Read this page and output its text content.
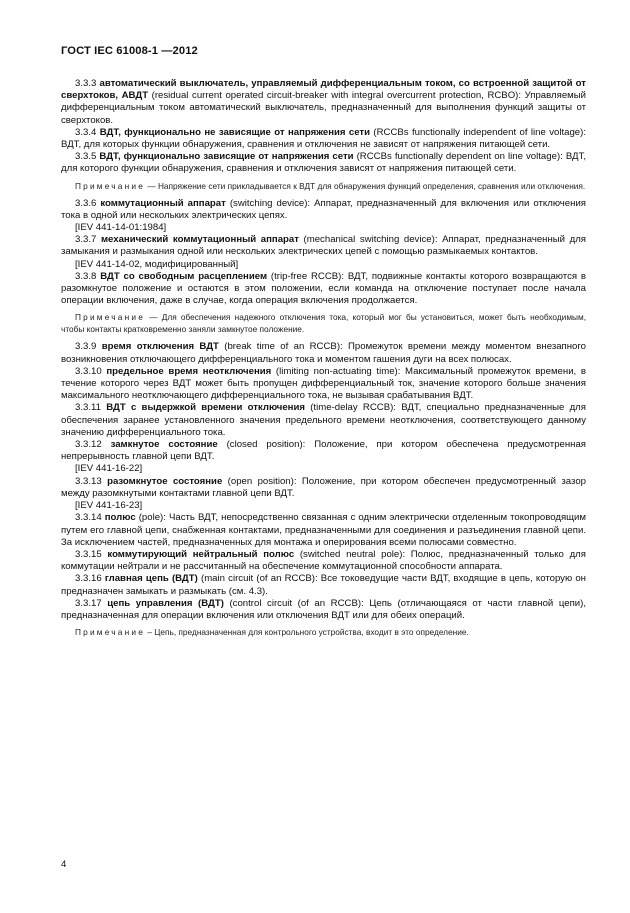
ГОСТ IEC 61008-1 —2012

3.3.3 автоматический выключатель, управляемый дифференциальным током, со встроенной защитой от сверхтоков, АВДТ (residual current operated circuit-breaker with integral overcurrent protection, RCBO): Управляемый дифференциальным током автоматический выключатель, предназначенный для выполнения функций защиты от сверхтоков.

3.3.4 ВДТ, функционально не зависящие от напряжения сети (RCCBs functionally independent of line voltage): ВДТ, для которых функции обнаружения, сравнения и отключения не зависят от напряжения питающей сети.

3.3.5 ВДТ, функционально зависящие от напряжения сети (RCCBs functionally dependent on line voltage): ВДТ, для которого функции обнаружения, сравнения и отключения зависят от напряжения питающей сети.

Примечание — Напряжение сети прикладывается к ВДТ для обнаружения функций определения, сравнения или отключения.

3.3.6 коммутационный аппарат (switching device): Аппарат, предназначенный для включения или отключения тока в одной или нескольких электрических цепях.

[IEV 441-14-01:1984]

3.3.7 механический коммутационный аппарат (mechanical switching device): Аппарат, предназначенный для замыкания и размыкания одной или нескольких электрических цепей с помощью размыкаемых контактов.

[IEV 441-14-02, модифицированный]

3.3.8 ВДТ со свободным расцеплением (trip-free RCCB): ВДТ, подвижные контакты которого возвращаются в разомкнутое положение и остаются в этом положении, если команда на отключение поступает после начала операции включения, даже в случае, когда операция включения продолжается.

Примечание — Для обеспечения надежного отключения тока, который мог бы установиться, может быть необходимым, чтобы контакты кратковременно заняли замкнутое положение.

3.3.9 время отключения ВДТ (break time of an RCCB): Промежуток времени между моментом внезапного возникновения отключающего дифференциального тока и моментом гашения дуги на всех полюсах.

3.3.10 предельное время неотключения (limiting non-actuating time): Максимальный промежуток времени, в течение которого через ВДТ может быть пропущен дифференциальный ток, значение которого больше значения максимального неотключающего дифференциального тока, не вызывая срабатывания ВДТ.

3.3.11 ВДТ с выдержкой времени отключения (time-delay RCCB): ВДТ, специально предназначенные для обеспечения заранее установленного значения предельного времени неотключения, соответствующего данному значению дифференциального тока.

3.3.12 замкнутое состояние (closed position): Положение, при котором обеспечена предусмотренная непрерывность главной цепи ВДТ.

[IEV 441-16-22]

3.3.13 разомкнутое состояние (open position): Положение, при котором обеспечен предусмотренный зазор между разомкнутыми контактами главной цепи ВДТ.

[IEV 441-16-23]

3.3.14 полюс (pole): Часть ВДТ, непосредственно связанная с одним электрически отделенным токопроводящим путем его главной цепи, снабженная контактами, предназначенными для соединения и разъединения главной цепи. За исключением частей, предназначенных для монтажа и оперирования всеми полюсами совместно.

3.3.15 коммутирующий нейтральный полюс (switched neutral pole): Полюс, предназначенный только для коммутации нейтрали и не рассчитанный на обеспечение коммутационной способности аппарата.

3.3.16 главная цепь (ВДТ) (main circuit (of an RCCB): Все токоведущие части ВДТ, входящие в цепь, которую он предназначен замыкать и размыкать (см. 4.3).

3.3.17 цепь управления (ВДТ) (control circuit (of an RCCB): Цепь (отличающаяся от части главной цепи), предназначенная для операции включения или отключения ВДТ или для обеих операций.

Примечание – Цепь, предназначенная для контрольного устройства, входит в это определение.

4
